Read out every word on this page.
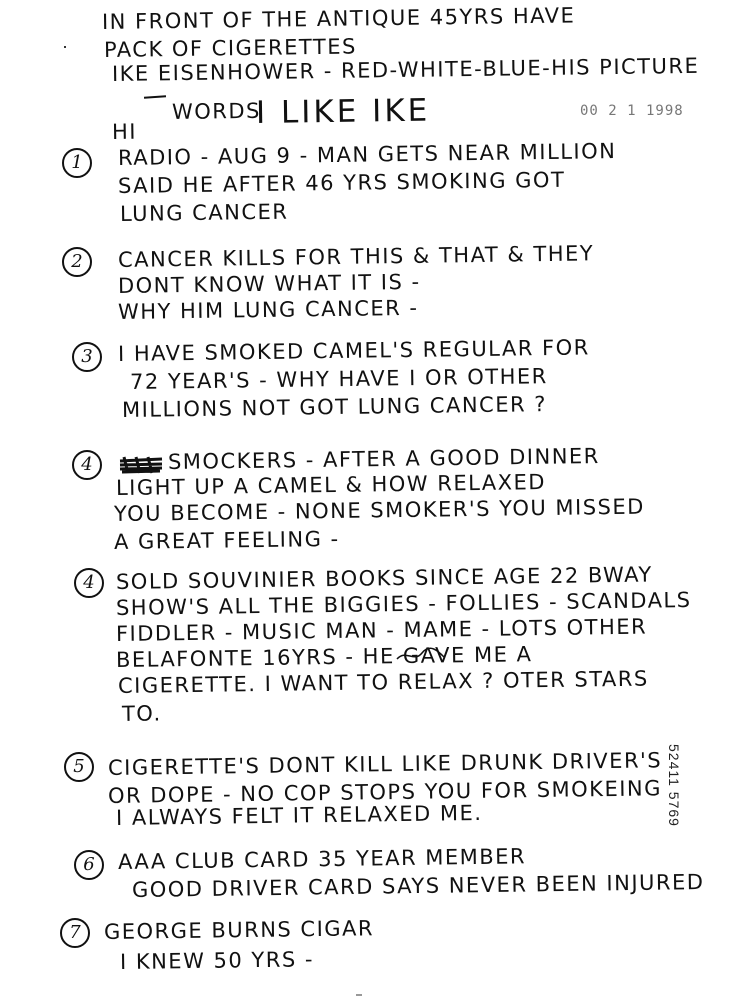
IN FRONT OF THE ANTIQUE 45YRS HAVE
PACK OF CIGERETTES
IKE EISENHOWER - RED-WHITE-BLUE-HIS PICTURE
WORDS
I LIKE IKE	00 2 1 1998
HI
1	RADIO - AUG 9 - MAN GETS NEAR MILLION
SAID HE AFTER 46 YRS SMOKING GOT
LUNG CANCER
2	CANCER KILLS FOR THIS & THAT & THEY
DONT KNOW WHAT IT IS -
WHY HIM LUNG CANCER -
3	I HAVE SMOKED CAMEL'S REGULAR FOR
72 YEAR'S - WHY HAVE I OR OTHER
MILLIONS NOT GOT LUNG CANCER ?
4	SMOCKERS - AFTER A GOOD DINNER
LIGHT UP A CAMEL & HOW RELAXED
YOU BECOME - NONE SMOKER'S YOU MISSED
A GREAT FEELING -
4	SOLD SOUVINIER BOOKS SINCE AGE 22 BWAY
SHOW'S ALL THE BIGGIES - FOLLIES - SCANDALS
FIDDLER - MUSIC MAN - MAME - LOTS OTHER
BELAFONTE 16YRS - HE GAVE ME A
CIGERETTE. I WANT TO RELAX ? OTER STARS
TO.
5	CIGERETTE'S DONT KILL LIKE DRUNK DRIVER'S
OR DOPE - NO COP STOPS YOU FOR SMOKEING
I ALWAYS FELT IT RELAXED ME.	52411 5769
6	AAA CLUB CARD 35 YEAR MEMBER
GOOD DRIVER CARD SAYS NEVER BEEN INJURED
7	GEORGE BURNS CIGAR
I KNEW 50 YRS -
